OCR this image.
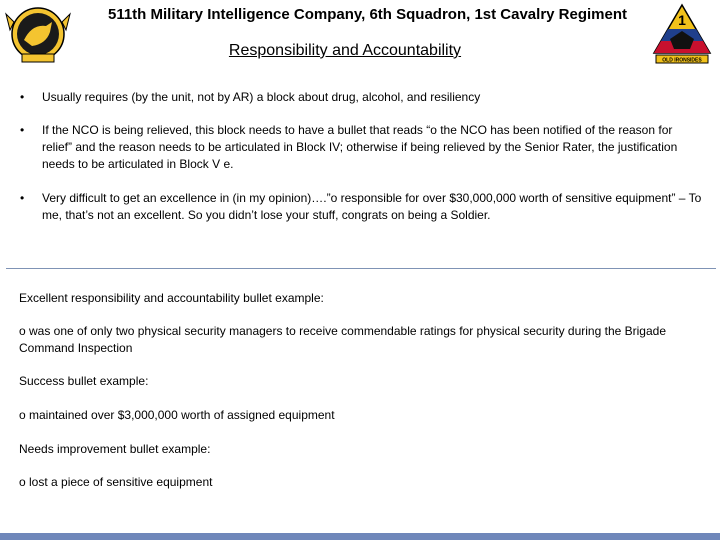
511th Military Intelligence Company, 6th Squadron, 1st Cavalry Regiment	1
OLD IRONSIDES
Responsibility and Accountability
•	Usually requires (by the unit, not by AR) a block about drug, alcohol, and resiliency
•	If the NCO is being relieved, this block needs to have a bullet that reads “o the NCO has been notified of the reason for relief” and the reason needs to be articulated in Block IV; otherwise if being relieved by the Senior Rater, the justification needs to be articulated in Block V e.
•	Very difficult to get an excellence in (in my opinion)….”o responsible for over $30,000,000 worth of sensitive equipment” – To me, that’s not an excellent. So you didn’t lose your stuff, congrats on being a Soldier.

Excellent responsibility and accountability bullet example:

o was one of only two physical security managers to receive commendable ratings for physical security during the Brigade Command Inspection

Success bullet example:

o maintained over $3,000,000 worth of assigned equipment

Needs improvement bullet example:

o lost a piece of sensitive equipment
